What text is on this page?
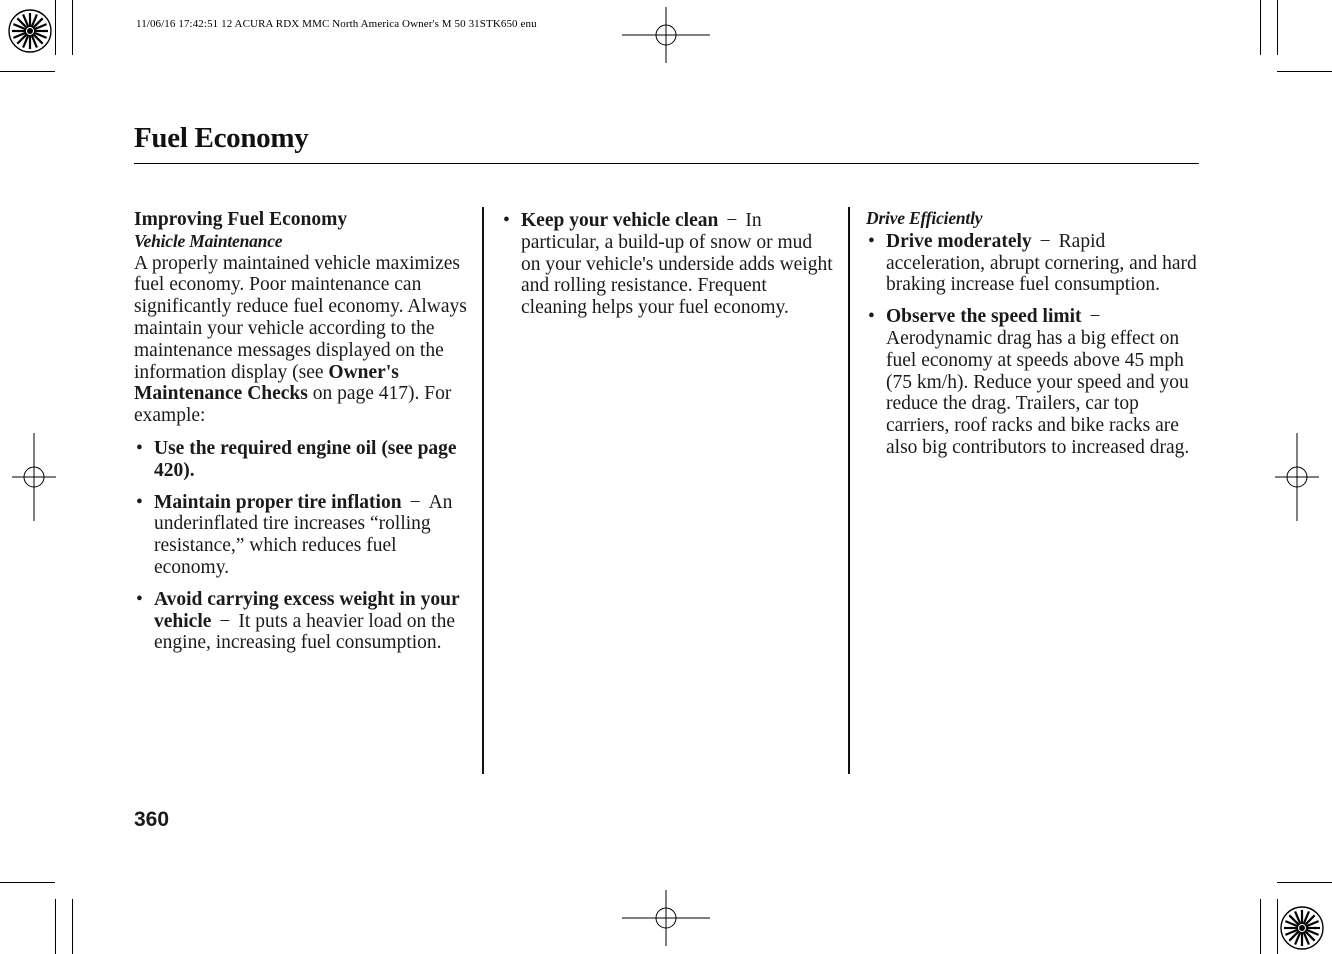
11/06/16 17:42:51 12 ACURA RDX MMC North America Owner's M 50 31STK650 enu
Fuel Economy

Improving Fuel Economy

Vehicle Maintenance

A properly maintained vehicle maximizes fuel economy. Poor maintenance can significantly reduce fuel economy. Always maintain your vehicle according to the maintenance messages displayed on the information display (see Owner's Maintenance Checks on page 417). For example:

• Use the required engine oil (see page 420).
• Maintain proper tire inflation − An underinflated tire increases “rolling resistance,” which reduces fuel economy.
• Avoid carrying excess weight in your vehicle − It puts a heavier load on the engine, increasing fuel consumption.
• Keep your vehicle clean − In particular, a build-up of snow or mud on your vehicle's underside adds weight and rolling resistance. Frequent cleaning helps your fuel economy.

Drive Efficiently

• Drive moderately − Rapid acceleration, abrupt cornering, and hard braking increase fuel consumption.
• Observe the speed limit −Aerodynamic drag has a big effect on fuel economy at speeds above 45 mph (75 km/h). Reduce your speed and you reduce the drag. Trailers, car top carriers, roof racks and bike racks are also big contributors to increased drag.
360
